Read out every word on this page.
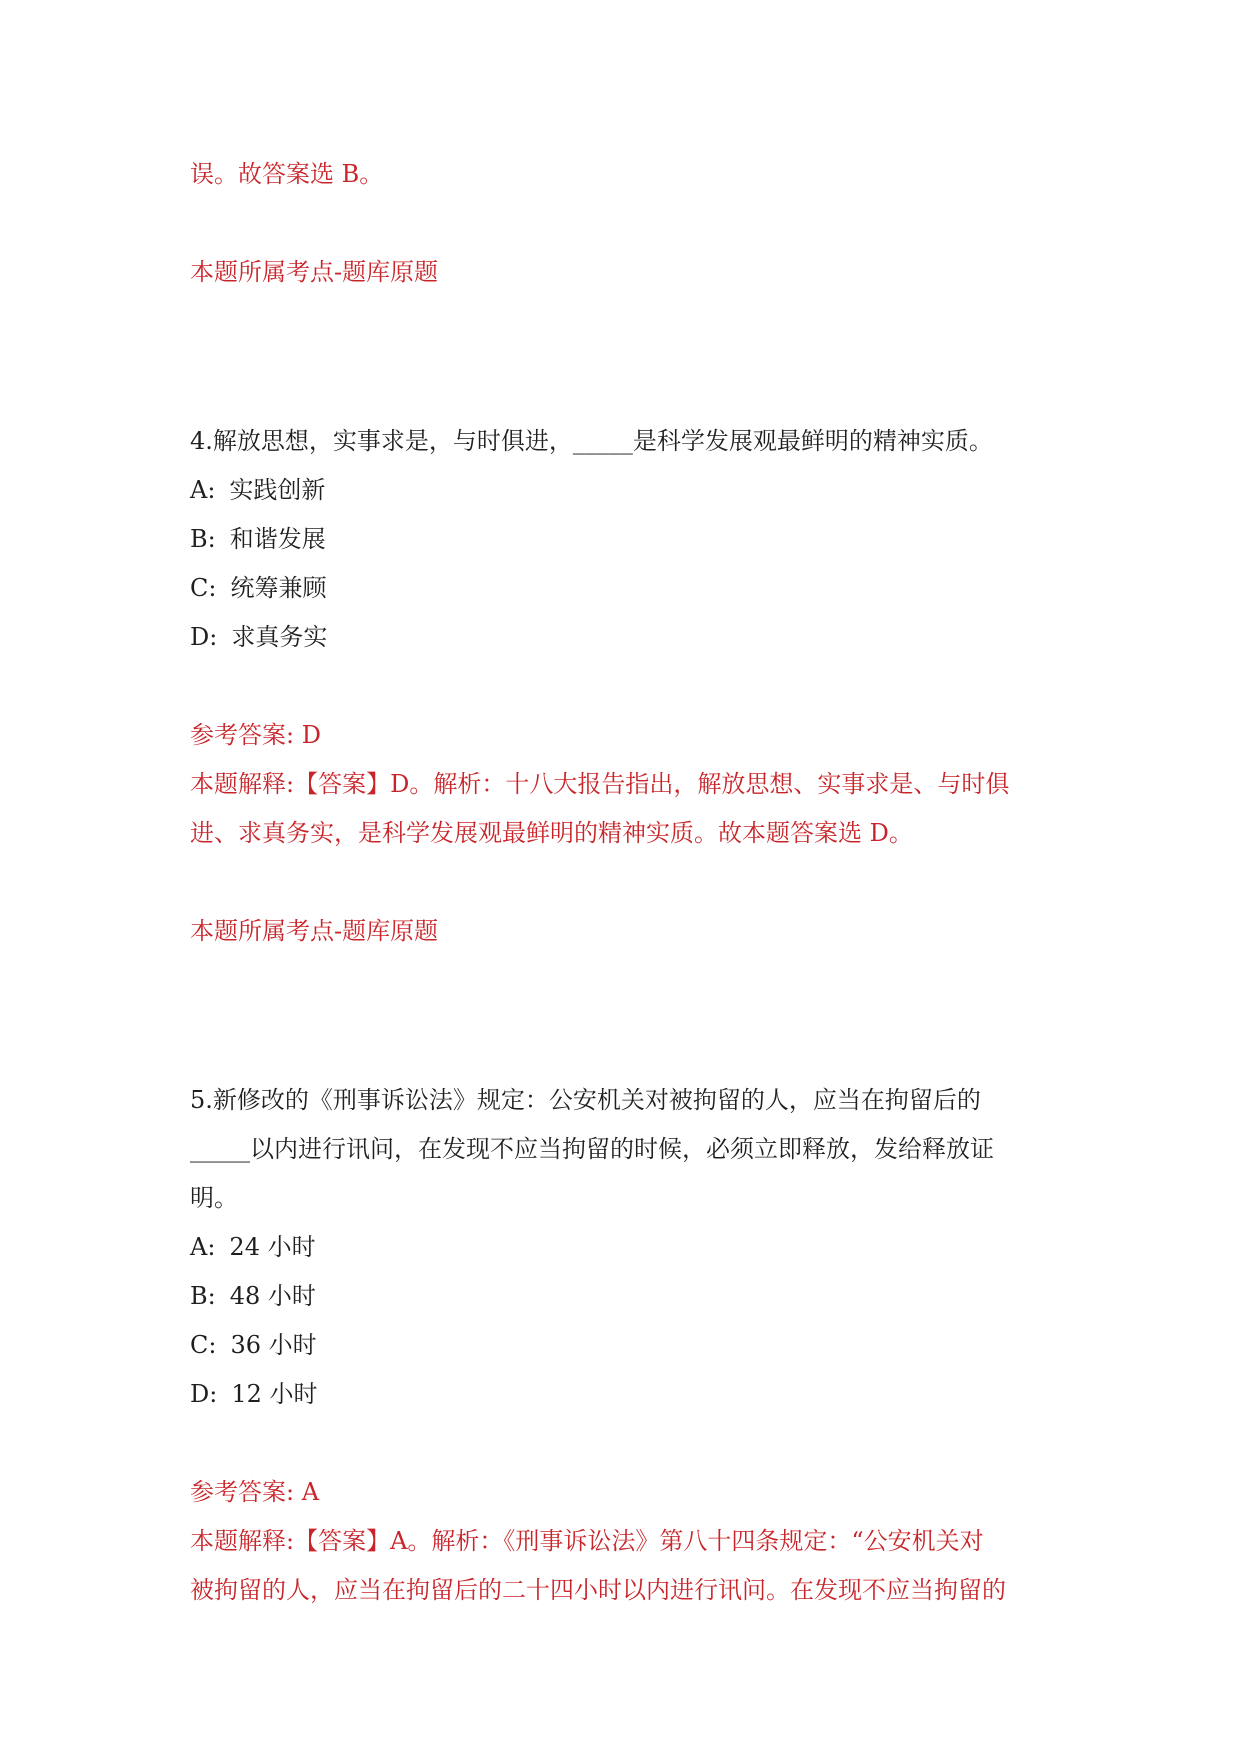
误。故答案选 B。

本题所属考点-题库原题

4.解放思想，实事求是，与时俱进，_____是科学发展观最鲜明的精神实质。

A: 实践创新

B: 和谐发展

C: 统筹兼顾

D: 求真务实

参考答案: D

本题解释:【答案】D。解析：十八大报告指出，解放思想、实事求是、与时俱

进、求真务实，是科学发展观最鲜明的精神实质。故本题答案选 D。

本题所属考点-题库原题

5.新修改的《刑事诉讼法》规定：公安机关对被拘留的人，应当在拘留后的

_____以内进行讯问，在发现不应当拘留的时候，必须立即释放，发给释放证

明。

A: 24 小时

B: 48 小时

C: 36 小时

D: 12 小时

参考答案: A

本题解释:【答案】A。解析：《刑事诉讼法》第八十四条规定：“公安机关对

被拘留的人，应当在拘留后的二十四小时以内进行讯问。在发现不应当拘留的
